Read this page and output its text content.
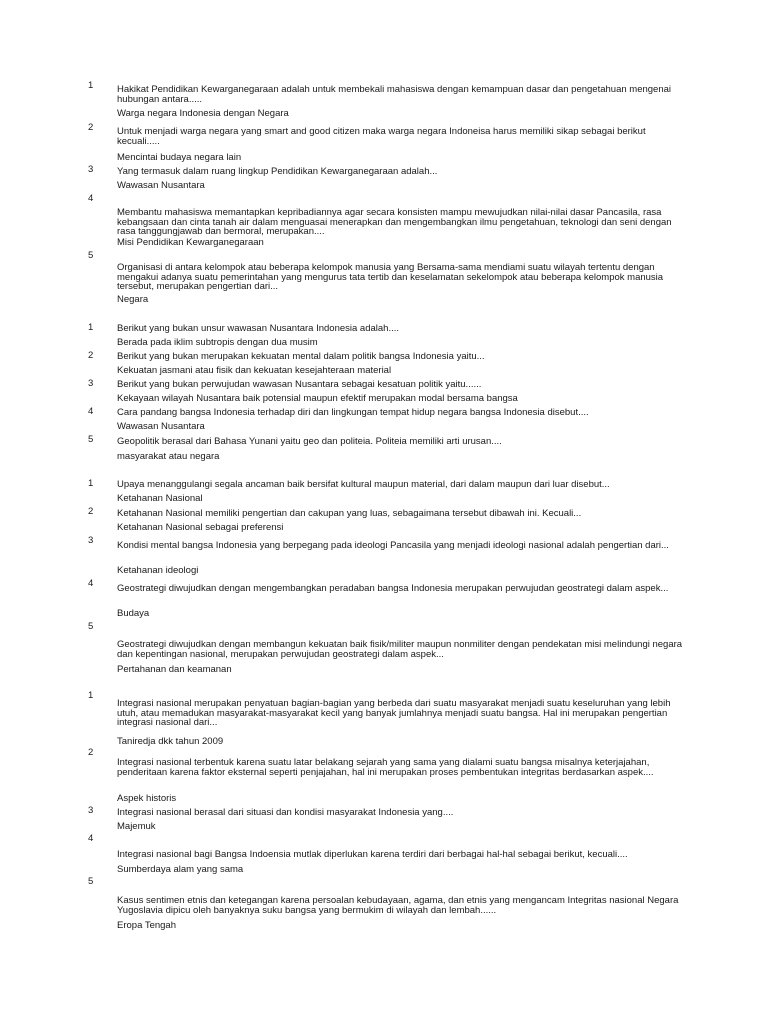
1 Hakikat Pendidikan Kewarganegaraan adalah untuk membekali mahasiswa dengan kemampuan dasar dan pengetahuan mengenai hubungan antara.....
Warga negara Indonesia dengan Negara
2 Untuk menjadi warga negara yang smart and good citizen maka warga negara Indoneisa harus memiliki sikap sebagai berikut kecuali.....
Mencintai budaya negara lain
3 Yang termasuk dalam ruang lingkup Pendidikan Kewarganegaraan adalah...
Wawasan Nusantara
4
Membantu mahasiswa memantapkan kepribadiannya agar secara konsisten mampu mewujudkan nilai-nilai dasar Pancasila, rasa kebangsaan dan cinta tanah air dalam menguasai menerapkan dan mengembangkan ilmu pengetahuan, teknologi dan seni dengan rasa tanggungjawab dan bermoral, merupakan....
Misi Pendidikan Kewarganegaraan
5
Organisasi di antara kelompok atau beberapa kelompok manusia yang Bersama-sama mendiami suatu wilayah tertentu dengan mengakui adanya suatu pemerintahan yang mengurus tata tertib dan keselamatan sekelompok atau beberapa kelompok manusia tersebut, merupakan pengertian dari...
Negara
1 Berikut yang bukan unsur wawasan Nusantara Indonesia adalah....
Berada pada iklim subtropis dengan dua musim
2 Berikut yang bukan merupakan kekuatan mental dalam politik bangsa Indonesia yaitu...
Kekuatan jasmani atau fisik dan kekuatan kesejahteraan material
3 Berikut yang bukan perwujudan wawasan Nusantara sebagai kesatuan politik yaitu......
Kekayaan wilayah Nusantara baik potensial maupun efektif merupakan modal bersama bangsa
4 Cara pandang bangsa Indonesia terhadap diri dan lingkungan tempat hidup negara bangsa Indonesia disebut....
Wawasan Nusantara
5 Geopolitik berasal dari Bahasa Yunani yaitu geo dan politeia. Politeia memiliki arti urusan....
masyarakat atau negara
1 Upaya menanggulangi segala ancaman baik bersifat kultural maupun material, dari dalam maupun dari luar disebut...
Ketahanan Nasional
2 Ketahanan Nasional memiliki pengertian dan cakupan yang luas, sebagaimana tersebut dibawah ini. Kecuali...
Ketahanan Nasional sebagai preferensi
3 Kondisi mental bangsa Indonesia yang berpegang pada ideologi Pancasila yang menjadi ideologi nasional adalah pengertian dari...
Ketahanan ideologi
4 Geostrategi diwujudkan dengan mengembangkan peradaban bangsa Indonesia merupakan perwujudan geostrategi dalam aspek...
Budaya
5
Geostrategi diwujudkan dengan membangun kekuatan baik fisik/militer maupun nonmiliter dengan pendekatan misi melindungi negara dan kepentingan nasional, merupakan perwujudan geostrategi dalam aspek...
Pertahanan dan keamanan
1
Integrasi nasional merupakan penyatuan bagian-bagian yang berbeda dari suatu masyarakat menjadi suatu keseluruhan yang lebih utuh, atau memadukan masyarakat-masyarakat kecil yang banyak jumlahnya menjadi suatu bangsa. Hal ini merupakan pengertian integrasi nasional dari...
Taniredja dkk tahun 2009
2
Integrasi nasional terbentuk karena suatu latar belakang sejarah yang sama yang dialami suatu bangsa misalnya keterjajahan, penderitaan karena faktor eksternal seperti penjajahan, hal ini merupakan proses pembentukan integritas berdasarkan aspek....
Aspek historis
3 Integrasi nasional berasal dari situasi dan kondisi masyarakat Indonesia yang....
Majemuk
4
Integrasi nasional bagi Bangsa Indoensia mutlak diperlukan karena terdiri dari berbagai hal-hal sebagai berikut, kecuali....
Sumberdaya alam yang sama
5
Kasus sentimen etnis dan ketegangan karena persoalan kebudayaan, agama, dan etnis yang mengancam Integritas nasional Negara Yugoslavia dipicu oleh banyaknya suku bangsa yang bermukim di wilayah dan lembah......
Eropa Tengah
